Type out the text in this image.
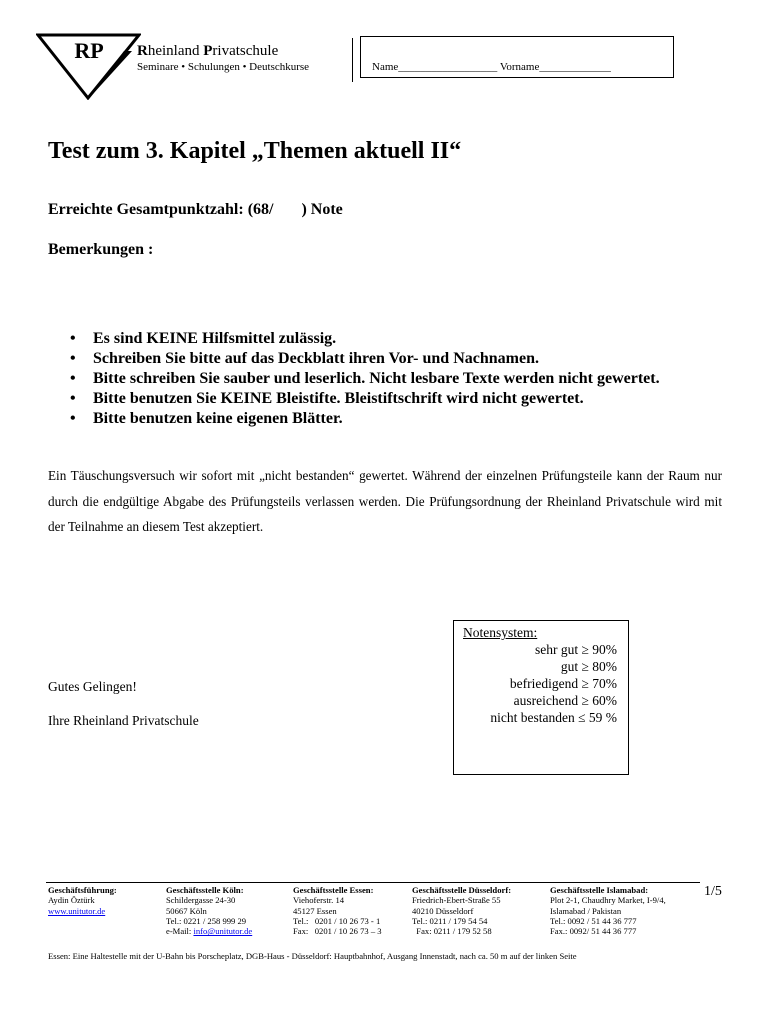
RP Rheinland Privatschule
Seminare • Schulungen • Deutschkurse	Name__________________ Vorname_____________
Test zum 3. Kapitel „Themen aktuell II“
Erreichte Gesamtpunktzahl: (68/       ) Note
Bemerkungen :
• Es sind KEINE Hilfsmittel zulässig.
• Schreiben Sie bitte auf das Deckblatt ihren Vor- und Nachnamen.
• Bitte schreiben Sie sauber und leserlich. Nicht lesbare Texte werden nicht gewertet.
• Bitte benutzen Sie KEINE Bleistifte. Bleistiftschrift wird nicht gewertet.
• Bitte benutzen keine eigenen Blätter.
Ein Täuschungsversuch wir sofort mit „nicht bestanden“ gewertet. Während der einzelnen Prüfungsteile kann der Raum nur durch die endgültige Abgabe des Prüfungsteils verlassen werden. Die Prüfungsordnung der Rheinland Privatschule wird mit der Teilnahme an diesem Test akzeptiert.
Notensystem:
sehr gut ≥ 90%
gut ≥ 80%
befriedigend ≥ 70%
ausreichend ≥ 60%
nicht bestanden ≤ 59 %
Gutes Gelingen!
Ihre Rheinland Privatschule
1/5
Geschäftsführung:
Aydin Öztürk
www.unitutor.de
Geschäftsstelle Köln:
Schildergasse 24-30
50667 Köln
Tel.: 0221 / 258 999 29
e-Mail: info@unitutor.de
Geschäftsstelle Essen:
Viehoferstr. 14
45127 Essen
Tel.:   0201 / 10 26 73 - 1
Fax:   0201 / 10 26 73 – 3
Geschäftsstelle Düsseldorf:
Friedrich-Ebert-Straße 55
40210 Düsseldorf
Tel.: 0211 / 179 54 54
Fax: 0211 / 179 52 58
Geschäftsstelle Islamabad:
Plot 2-1, Chaudhry Market, I-9/4,
Islamabad / Pakistan
Tel.: 0092 / 51 44 36 777
Fax.: 0092/ 51 44 36 777
Essen: Eine Haltestelle mit der U-Bahn bis Porscheplatz, DGB-Haus - Düsseldorf: Hauptbahnhof, Ausgang Innenstadt, nach ca. 50 m auf der linken Seite
